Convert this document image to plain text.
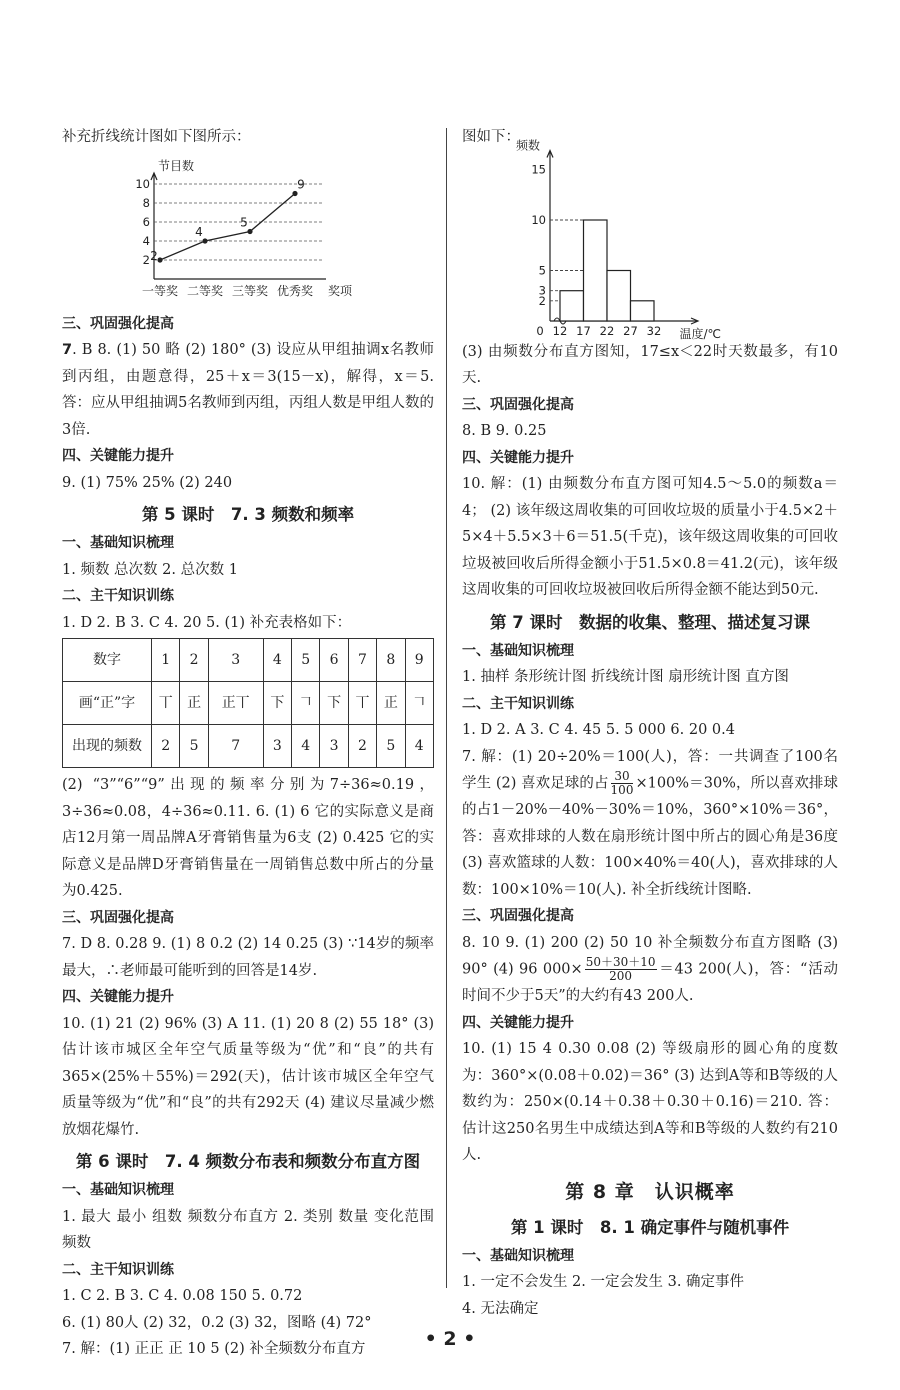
补充折线统计图如下图所示：

节目数
2
4
6
8
10
一等奖 二等奖 三等奖 优秀奖 奖项
2
4
5
9

三、巩固强化提高

7. B 8. (1) 50 略 (2) 180° (3) 设应从甲组抽调x名教师到丙组，由题意得，25＋x＝3(15－x)，解得，x＝5. 答：应从甲组抽调5名教师到丙组，丙组人数是甲组人数的3倍.

四、关键能力提升

9. (1) 75% 25% (2) 240

第 5 课时　7. 3 频数和频率

一、基础知识梳理

1. 频数 总次数 2. 总次数 1

二、主干知识训练

1. D 2. B 3. C 4. 20 5. (1) 补充表格如下：

数字	1	2	3	4	5	6	7	8	9
画“正”字	丅	正	正丅	下	𠃍	下	丅	正	𠃍
出现的频数	2	5	7	3	4	3	2	5	4

(2) “3”“6”“9”出现的频率分别为7÷36≈0.19，3÷36≈0.08，4÷36≈0.11. 6. (1) 6 它的实际意义是商店12月第一周品牌A牙膏销售量为6支 (2) 0.425 它的实际意义是品牌D牙膏销售量在一周销售总数中所占的分量为0.425.

三、巩固强化提高

7. D 8. 0.28 9. (1) 8 0.2 (2) 14 0.25 (3) ∵14岁的频率最大，∴老师最可能听到的回答是14岁.

四、关键能力提升

10. (1) 21 (2) 96% (3) A 11. (1) 20 8 (2) 55 18° (3) 估计该市城区全年空气质量等级为“优”和“良”的共有365×(25%＋55%)＝292(天)，估计该市城区全年空气质量等级为“优”和“良”的共有292天 (4) 建议尽量减少燃放烟花爆竹.

第 6 课时　7. 4 频数分布表和频数分布直方图

一、基础知识梳理

1. 最大 最小 组数 频数分布直方 2. 类别 数量 变化范围 频数

二、主干知识训练

1. C 2. B 3. C 4. 0.08 150 5. 0.72

6. (1) 80人 (2) 32，0.2 (3) 32，图略 (4) 72°

7. 解：(1) 正正 正 10 5 (2) 补全频数分布直方

图如下：

频数
温度/℃
0
2
3
5
10
15
12 17 22 27 32

(3) 由频数分布直方图知，17≤x＜22时天数最多，有10天.

三、巩固强化提高

8. B 9. 0.25

四、关键能力提升

10. 解：(1) 由频数分布直方图可知4.5～5.0的频数a＝4； (2) 该年级这周收集的可回收垃圾的质量小于4.5×2＋5×4＋5.5×3＋6＝51.5(千克)，该年级这周收集的可回收垃圾被回收后所得金额小于51.5×0.8＝41.2(元)，该年级这周收集的可回收垃圾被回收后所得金额不能达到50元.

第 7 课时　数据的收集、整理、描述复习课

一、基础知识梳理

1. 抽样 条形统计图 折线统计图 扇形统计图 直方图

二、主干知识训练

1. D 2. A 3. C 4. 45 5. 5 000 6. 20 0.4

7. 解：(1) 20÷20%＝100(人)，答：一共调查了100名学生 (2) 喜欢足球的占 $\frac{30}{100} \times 100\%=30\%$，所以喜欢排球的占1－20%－40%－30%＝10%，360°×10%＝36°，答：喜欢排球的人数在扇形统计图中所占的圆心角是36度 (3) 喜欢篮球的人数：100×40%＝40(人)，喜欢排球的人数：100×10%＝10(人). 补全折线统计图略.

三、巩固强化提高

8. 10 9. (1) 200 (2) 50 10 补全频数分布直方图略 (3) 90° (4) 96 $000\times \frac{50+30+10}{200} =43$ 200(人)，答：“活动时间不少于5天”的大约有43 200人.

四、关键能力提升

10. (1) 15 4 0.30 0.08 (2) 等级扇形的圆心角的度数为：360°×(0.08＋0.02)＝36° (3) 达到A等和B等级的人数约为：250×(0.14＋0.38＋0.30＋0.16)＝210. 答：估计这250名男生中成绩达到A等和B等级的人数约有210人.

第 8 章　认识概率

第 1 课时　8. 1 确定事件与随机事件

一、基础知识梳理

1. 一定不会发生 2. 一定会发生 3. 确定事件

4. 无法确定

• 2 •
